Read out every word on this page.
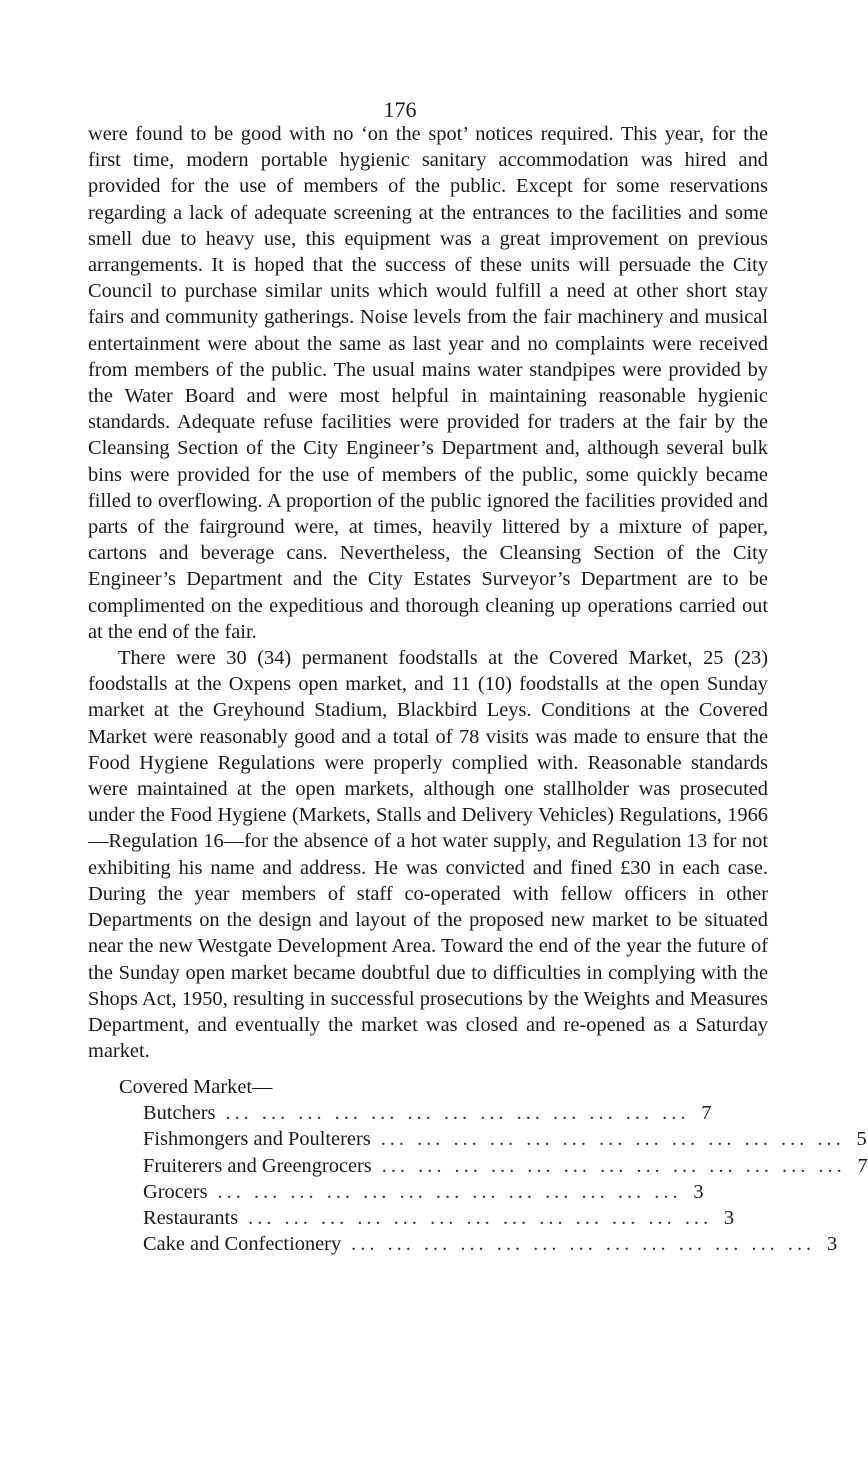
176

were found to be good with no ‘on the spot’ notices required. This year, for the first time, modern portable hygienic sanitary accommodation was hired and provided for the use of members of the public. Except for some reservations regarding a lack of adequate screening at the entrances to the facilities and some smell due to heavy use, this equipment was a great improvement on previous arrangements. It is hoped that the success of these units will persuade the City Council to purchase similar units which would fulfill a need at other short stay fairs and community gatherings. Noise levels from the fair machinery and musical entertainment were about the same as last year and no complaints were received from members of the public. The usual mains water standpipes were provided by the Water Board and were most helpful in maintaining reasonable hygienic standards. Adequate refuse facilities were provided for traders at the fair by the Cleansing Section of the City Engineer’s Department and, although several bulk bins were provided for the use of members of the public, some quickly became filled to overflowing. A proportion of the public ignored the facilities provided and parts of the fairground were, at times, heavily littered by a mixture of paper, cartons and beverage cans. Nevertheless, the Cleansing Section of the City Engineer’s Department and the City Estates Surveyor’s Department are to be complimented on the expeditious and thorough cleaning up operations carried out at the end of the fair.

There were 30 (34) permanent foodstalls at the Covered Market, 25 (23) foodstalls at the Oxpens open market, and 11 (10) foodstalls at the open Sunday market at the Greyhound Stadium, Blackbird Leys. Conditions at the Covered Market were reasonably good and a total of 78 visits was made to ensure that the Food Hygiene Regulations were properly complied with. Reasonable standards were maintained at the open markets, although one stallholder was prosecuted under the Food Hygiene (Markets, Stalls and Delivery Vehicles) Regulations, 1966—Regulation 16—for the absence of a hot water supply, and Regulation 13 for not exhibiting his name and address. He was convicted and fined £30 in each case. During the year members of staff co-operated with fellow officers in other Departments on the design and layout of the proposed new market to be situated near the new Westgate Development Area. Toward the end of the year the future of the Sunday open market became doubtful due to difficulties in complying with the Shops Act, 1950, resulting in successful prosecutions by the Weights and Measures Department, and eventually the market was closed and re-opened as a Saturday market.

Covered Market—
Butchers ... ... ... ... ... ... ... ... ... ... ... ... ... 7
Fishmongers and Poulterers ... ... ... ... ... ... ... ... ... ... ... ... ... 5
Fruiterers and Greengrocers ... ... ... ... ... ... ... ... ... ... ... ... ... 7
Grocers ... ... ... ... ... ... ... ... ... ... ... ... ... 3
Restaurants ... ... ... ... ... ... ... ... ... ... ... ... ... 3
Cake and Confectionery ... ... ... ... ... ... ... ... ... ... ... ... ... 3
